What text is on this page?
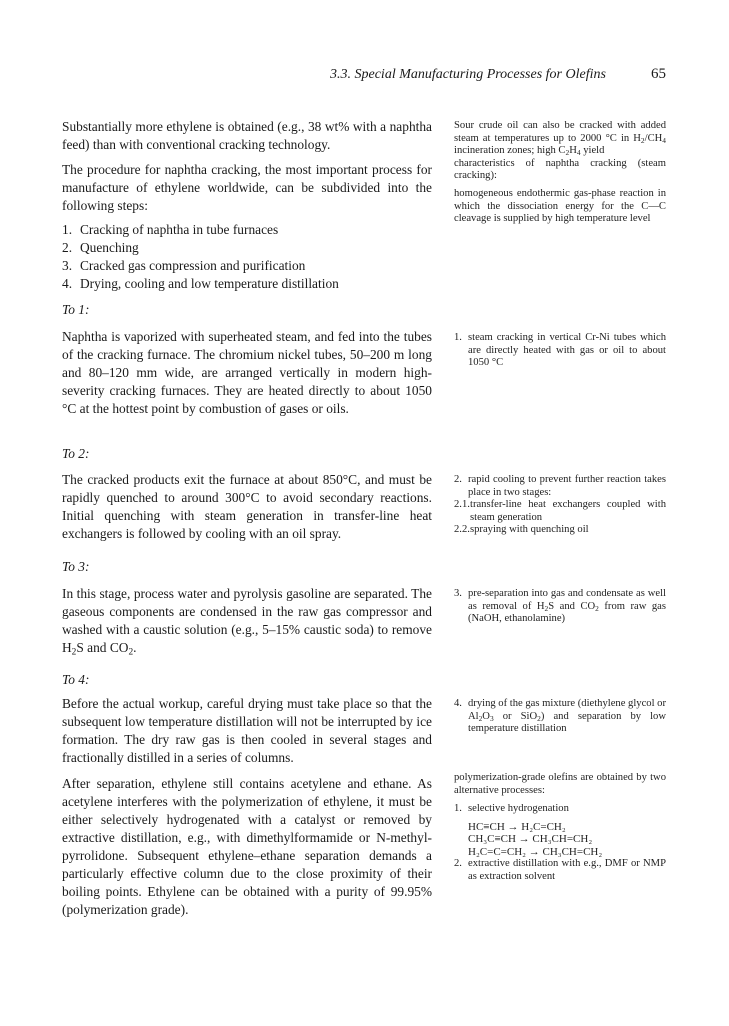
3.3. Special Manufacturing Processes for Olefins	65

Substantially more ethylene is obtained (e.g., 38 wt% with a naphtha feed) than with conventional cracking technology.

The procedure for naphtha cracking, the most important process for manufacture of ethylene worldwide, can be subdivided into the following steps:

1. Cracking of naphtha in tube furnaces
2. Quenching
3. Cracked gas compression and purification
4. Drying, cooling and low temperature distillation

Sour crude oil can also be cracked with added steam at temperatures up to 2000 °C in $H_2/CH_4$ incineration zones; high $C_2H_4$ yield

characteristics of naphtha cracking (steam cracking):

homogeneous endothermic gas-phase reaction in which the dissociation energy for the C—C cleavage is supplied by high temperature level

To 1:

Naphtha is vaporized with superheated steam, and fed into the tubes of the cracking furnace. The chromium nickel tubes, 50–200 m long and 80–120 mm wide, are arranged vertically in modern high-severity cracking furnaces. They are heated directly to about 1050 °C at the hottest point by combustion of gases or oils.

1. steam cracking in vertical Cr-Ni tubes which are directly heated with gas or oil to about 1050 °C
To 2:

The cracked products exit the furnace at about 850°C, and must be rapidly quenched to around 300°C to avoid secondary reactions. Initial quenching with steam generation in transfer-line heat exchangers is followed by cooling with an oil spray.

2. rapid cooling to prevent further reaction takes place in two stages:
2.1. transfer-line heat exchangers coupled with steam generation
2.2. spraying with quenching oil
To 3:

In this stage, process water and pyrolysis gasoline are separated. The gaseous components are condensed in the raw gas compressor and washed with a caustic solution (e.g., 5–15% caustic soda) to remove $H_2S$ and $CO_2$.

3. pre-separation into gas and condensate as well as removal of $H_2S$ and $CO_2$ from raw gas (NaOH, ethanolamine)
To 4:

Before the actual workup, careful drying must take place so that the subsequent low temperature distillation will not be interrupted by ice formation. The dry raw gas is then cooled in several stages and fractionally distilled in a series of columns.

After separation, ethylene still contains acetylene and ethane. As acetylene interferes with the polymerization of ethylene, it must be either selectively hydrogenated with a catalyst or removed by extractive distillation, e.g., with dimethylformamide or N-methyl-pyrrolidone. Subsequent ethylene–ethane separation demands a particularly effective column due to the close proximity of their boiling points. Ethylene can be obtained with a purity of 99.95% (polymerization grade).

4. drying of the gas mixture (diethylene glycol or $Al_2O_3$ or SiO$_2$) and separation by low temperature distillation

polymerization-grade olefins are obtained by two alternative processes:

1. selective hydrogenation
HC≡CH → H₂C=CH₂
CH₃C≡CH → CH₃CH=CH₂
H₂C=C=CH₂ → CH₃CH=CH₂
2. extractive distillation with e.g., DMF or NMP as extraction solvent
